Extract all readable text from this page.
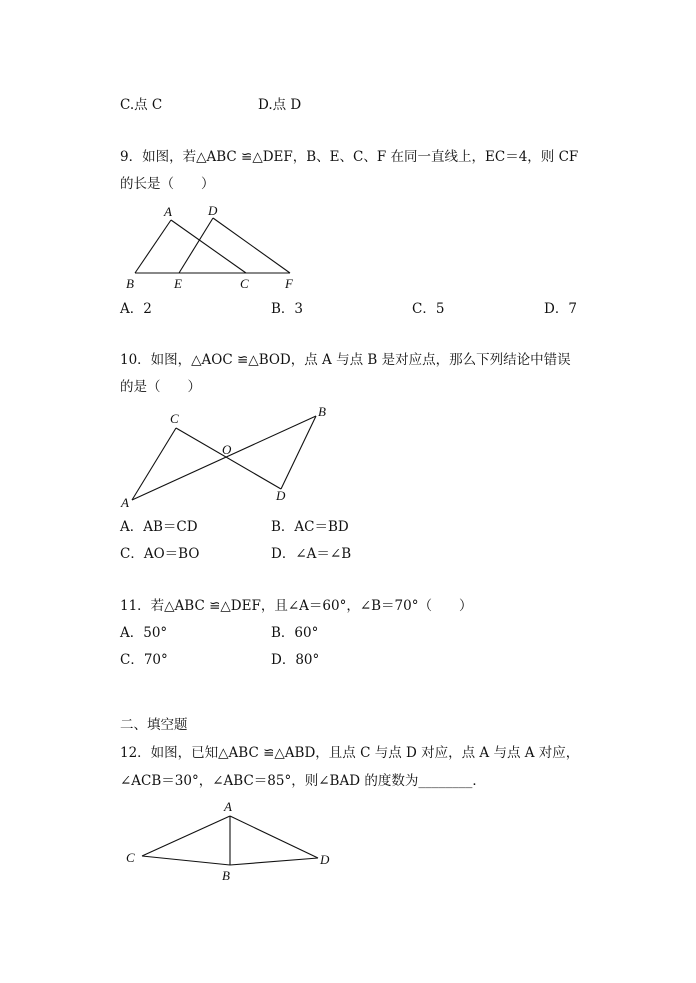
C.点 C	D.点 D
9．如图，若△ABC ≌△DEF，B、E、C、F 在同一直线上，EC＝4，则 CF
的长是（　　）
A	D
B	E	C	F
C	B
O
A	D
A
C
B
D
A．2	B．3	C．5	D．7
10．如图，△AOC ≌△BOD，点 A 与点 B 是对应点，那么下列结论中错误
的是（　　）
A．AB＝CD	B．AC＝BD
C．AO＝BO	D．∠A＝∠B
11．若△ABC ≌△DEF，且∠A＝60°，∠B＝70°（　　）
A．50°	B．60°
C．70°	D．80°
二、填空题
12．如图，已知△ABC ≌△ABD，且点 C 与点 D 对应，点 A 与点 A 对应，
∠ACB＝30°，∠ABC＝85°，则∠BAD 的度数为________．
